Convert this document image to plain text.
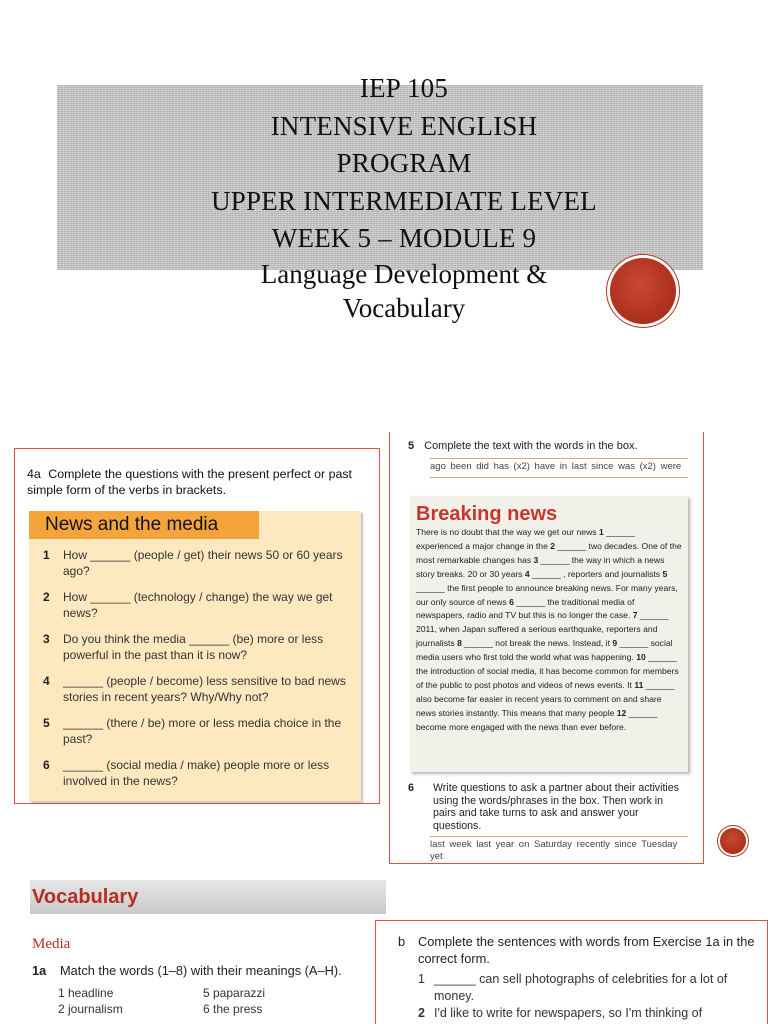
IEP 105
INTENSIVE ENGLISH
PROGRAM
UPPER INTERMEDIATE LEVEL
WEEK 5 – MODULE 9
Language Development &
Vocabulary
4a Complete the questions with the present perfect or past simple form of the verbs in brackets.
News and the media
1	How ______ (people / get) their news 50 or 60 years ago?
2	How ______ (technology / change) the way we get news?
3	Do you think the media ______ (be) more or less powerful in the past than it is now?
4	______ (people / become) less sensitive to bad news stories in recent years? Why/Why not?
5	______ (there / be) more or less media choice in the past?
6	______ (social media / make) people more or less involved in the news?
5 Complete the text with the words in the box.
ago been did has (x2) have in last since was (x2) were
Breaking news

There is no doubt that the way we get our news 1 ______ experienced a major change in the 2 ______ two decades. One of the most remarkable changes has 3 ______ the way in which a news story breaks. 20 or 30 years 4 ______ , reporters and journalists 5 ______ the first people to announce breaking news. For many years, our only source of news 6 ______ the traditional media of newspapers, radio and TV but this is no longer the case. 7 ______ 2011, when Japan suffered a serious earthquake, reporters and journalists 8 ______ not break the news. Instead, it 9 ______ social media users who first told the world what was happening. 10 ______ the introduction of social media, it has become common for members of the public to post photos and videos of news events. It 11 ______ also become far easier in recent years to comment on and share news stories instantly. This means that many people 12 ______ become more engaged with the news than ever before.

6	Write questions to ask a partner about their activities using the words/phrases in the box. Then work in pairs and take turns to ask and answer your questions.
last week last year on Saturday recently since Tuesday yet
Vocabulary
Media
1a	Match the words (1–8) with their meanings (A–H).
1 headline	5 paparazzi
2 journalism	6 the press
b	Complete the sentences with words from Exercise 1a in the correct form.
1 ______ can sell photographs of celebrities for a lot of money.
2 I'd like to write for newspapers, so I'm thinking of
